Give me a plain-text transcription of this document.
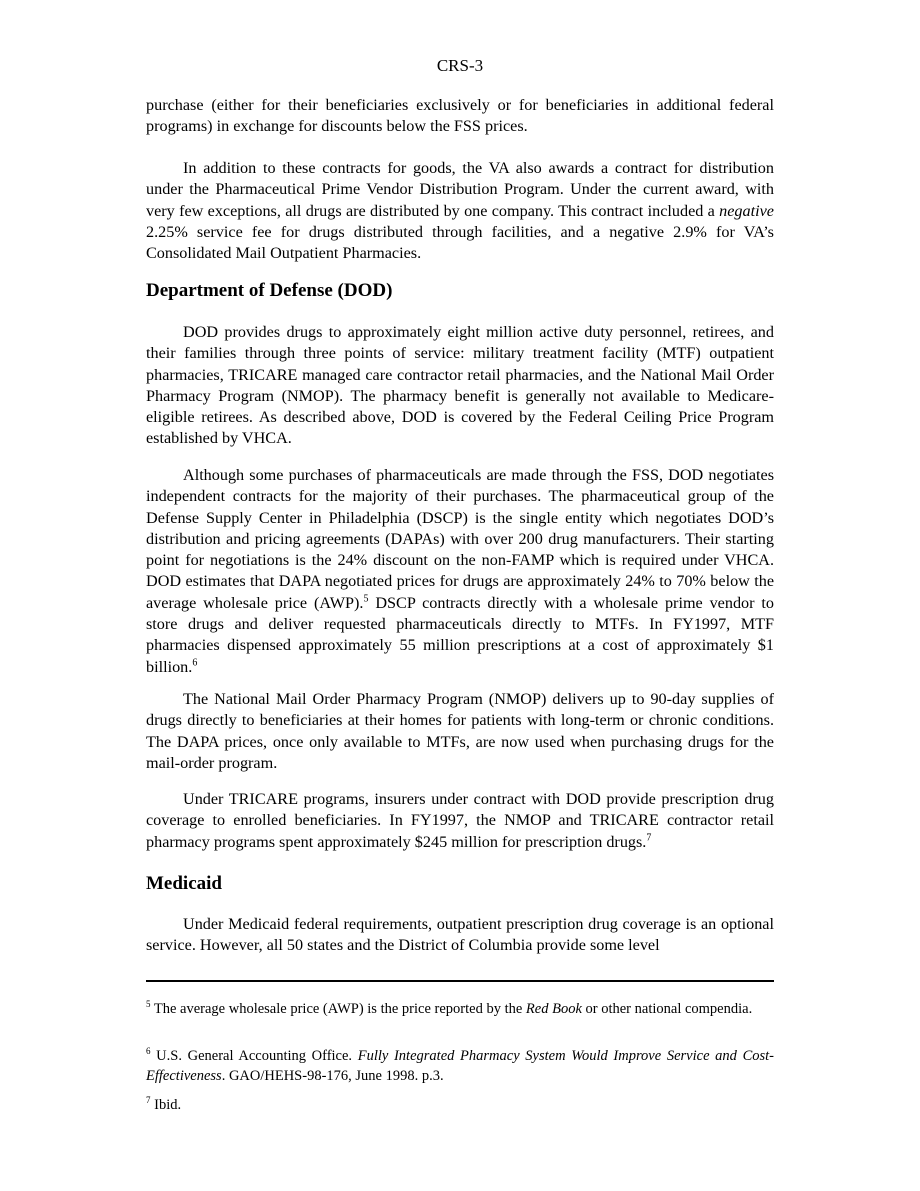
CRS-3

purchase (either for their beneficiaries exclusively or for beneficiaries in additional federal programs) in exchange for discounts below the FSS prices.

In addition to these contracts for goods, the VA also awards a contract for distribution under the Pharmaceutical Prime Vendor Distribution Program. Under the current award, with very few exceptions, all drugs are distributed by one company. This contract included a negative 2.25% service fee for drugs distributed through facilities, and a negative 2.9% for VA’s Consolidated Mail Outpatient Pharmacies.

Department of Defense (DOD)

DOD provides drugs to approximately eight million active duty personnel, retirees, and their families through three points of service: military treatment facility (MTF) outpatient pharmacies, TRICARE managed care contractor retail pharmacies, and the National Mail Order Pharmacy Program (NMOP). The pharmacy benefit is generally not available to Medicare-eligible retirees. As described above, DOD is covered by the Federal Ceiling Price Program established by VHCA.

Although some purchases of pharmaceuticals are made through the FSS, DOD negotiates independent contracts for the majority of their purchases. The pharmaceutical group of the Defense Supply Center in Philadelphia (DSCP) is the single entity which negotiates DOD’s distribution and pricing agreements (DAPAs) with over 200 drug manufacturers. Their starting point for negotiations is the 24% discount on the non-FAMP which is required under VHCA. DOD estimates that DAPA negotiated prices for drugs are approximately 24% to 70% below the average wholesale price (AWP).$^5$ DSCP contracts directly with a wholesale prime vendor to store drugs and deliver requested pharmaceuticals directly to MTFs. In FY1997, MTF pharmacies dispensed approximately 55 million prescriptions at a cost of approximately $1 billion.$^6$

The National Mail Order Pharmacy Program (NMOP) delivers up to 90-day supplies of drugs directly to beneficiaries at their homes for patients with long-term or chronic conditions. The DAPA prices, once only available to MTFs, are now used when purchasing drugs for the mail-order program.

Under TRICARE programs, insurers under contract with DOD provide prescription drug coverage to enrolled beneficiaries. In FY1997, the NMOP and TRICARE contractor retail pharmacy programs spent approximately $245 million for prescription drugs.$^7$

Medicaid

Under Medicaid federal requirements, outpatient prescription drug coverage is an optional service. However, all 50 states and the District of Columbia provide some level

$^5$ The average wholesale price (AWP) is the price reported by the Red Book or other national compendia.

$^6$ U.S. General Accounting Office. Fully Integrated Pharmacy System Would Improve Service and Cost-Effectiveness. GAO/HEHS-98-176, June 1998. p.3.

$^7$ Ibid.
